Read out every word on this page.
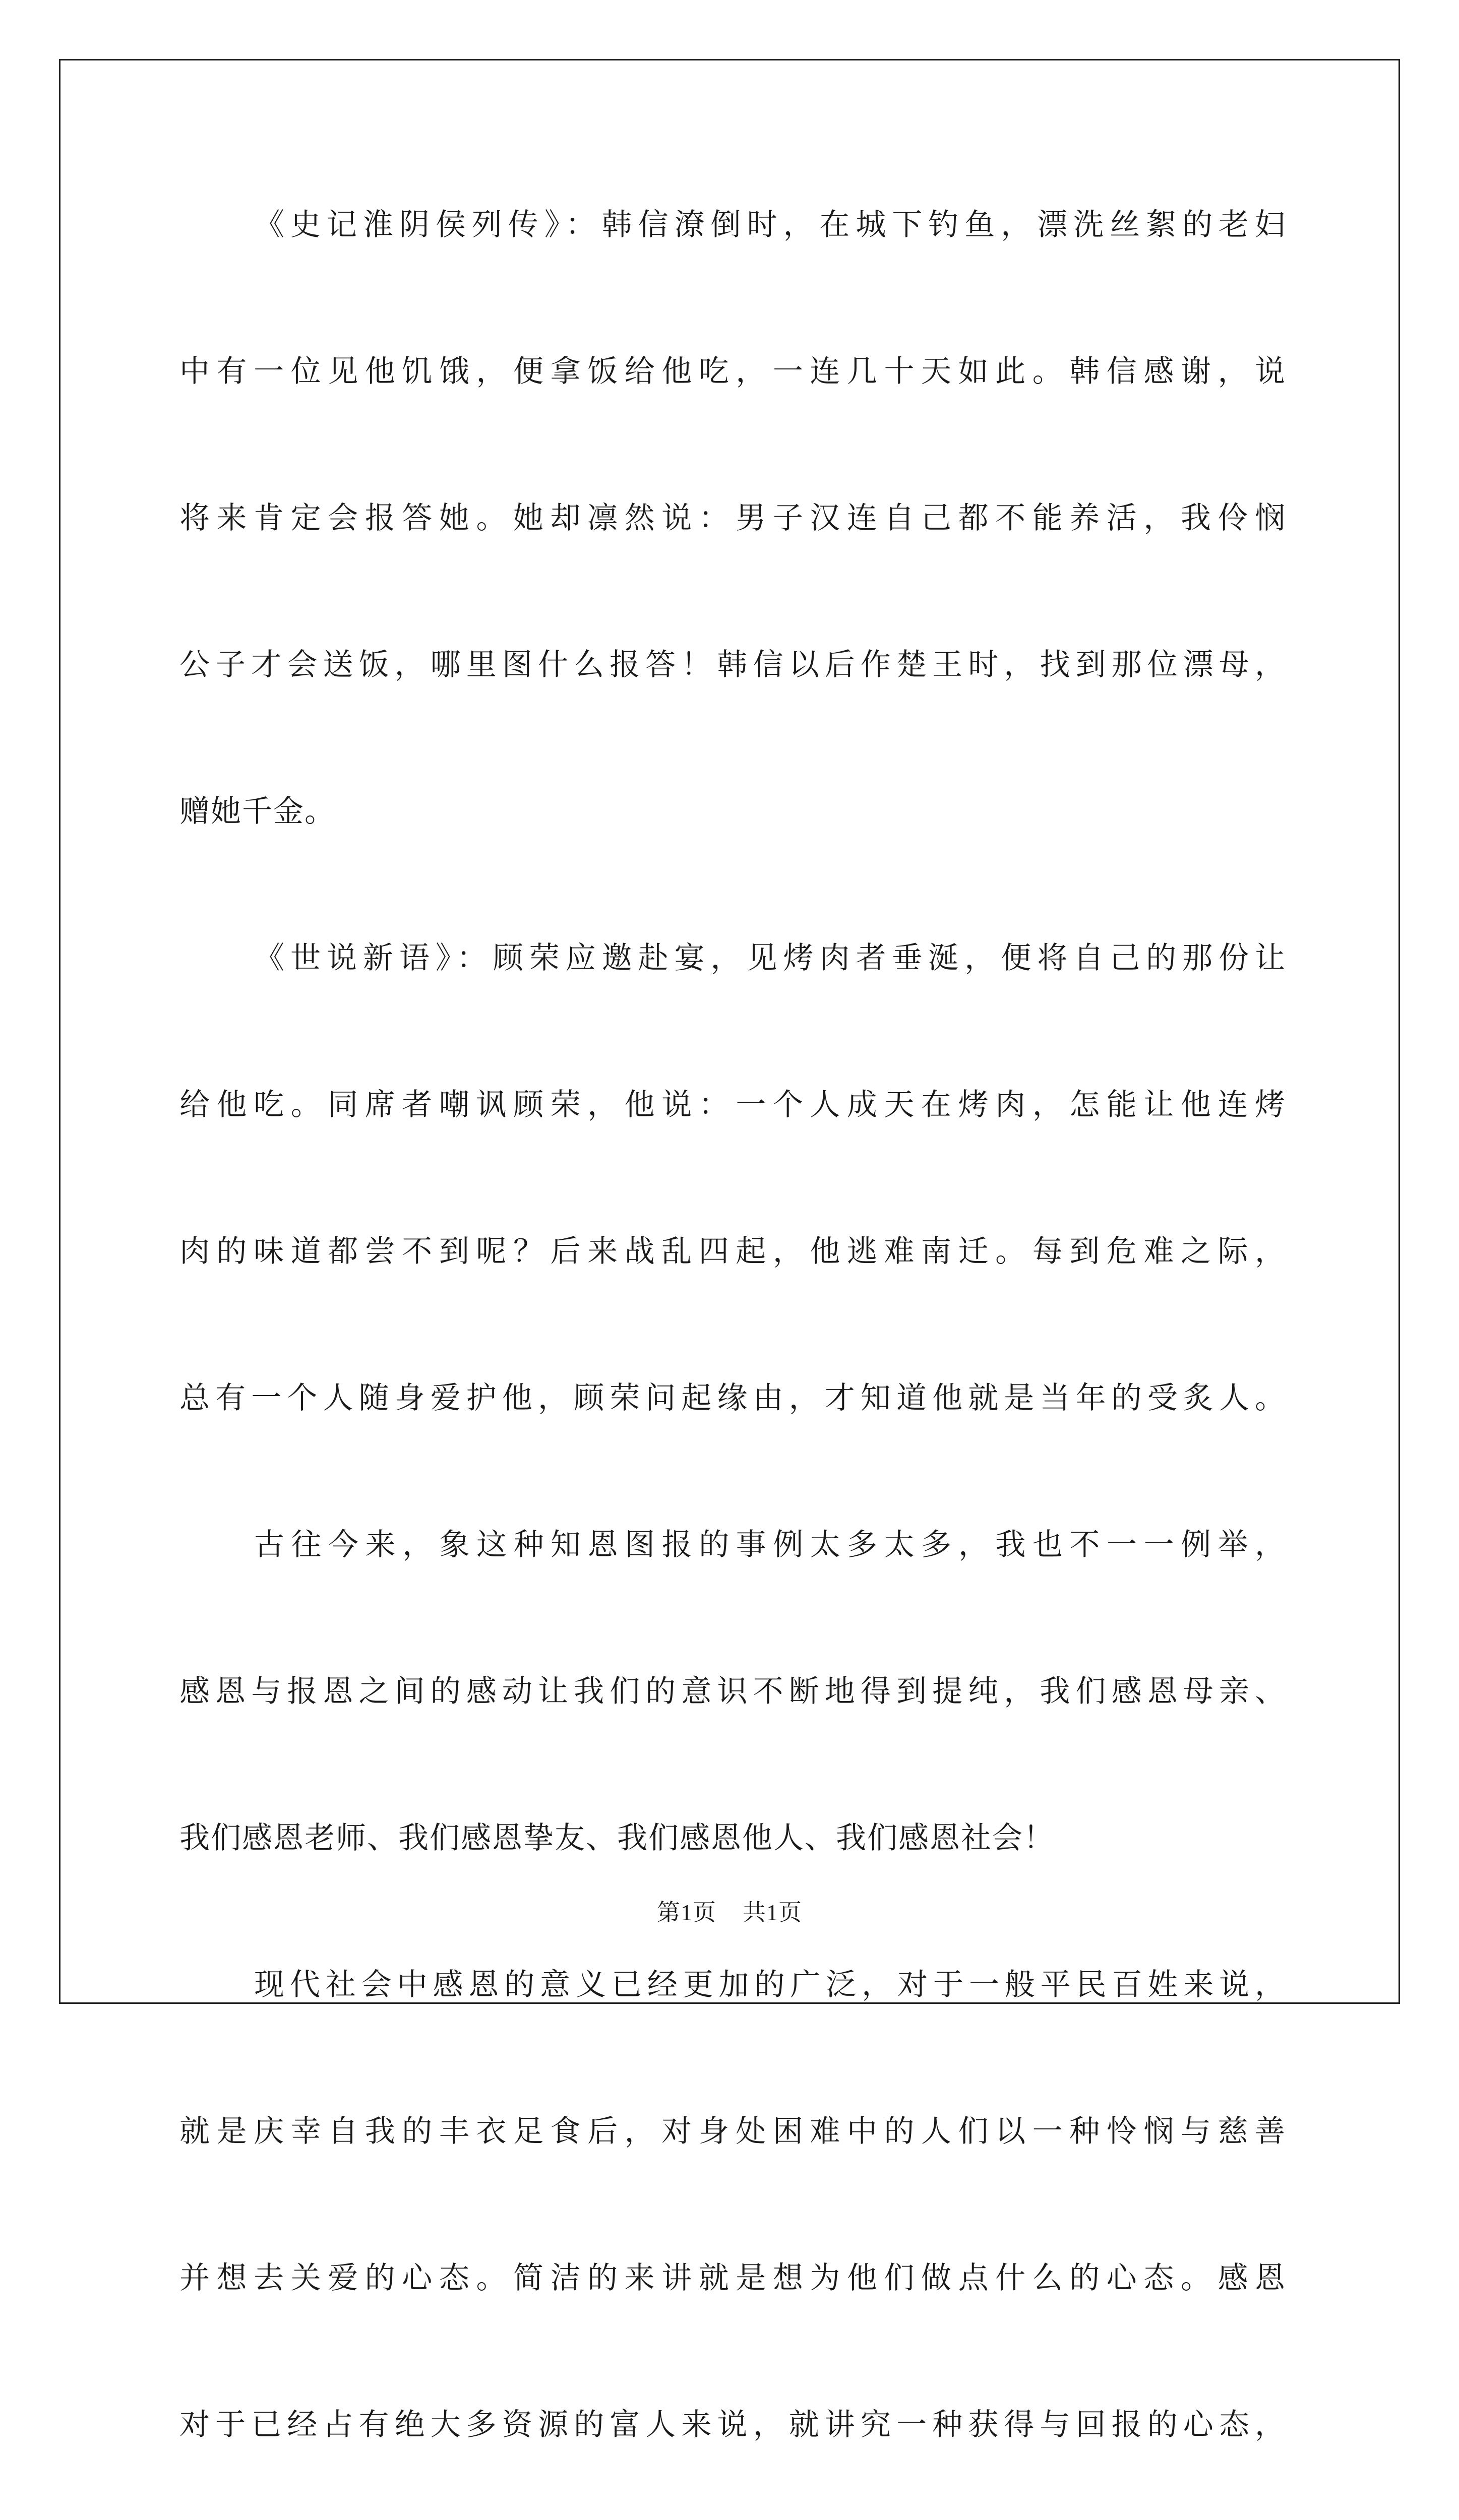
《史记淮阴侯列传》：韩信潦倒时，在城下钓鱼，漂洗丝絮的老妇
中有一位见他饥饿，便拿饭给他吃，一连几十天如此。韩信感谢，说
将来肯定会报答她。她却凛然说：男子汉连自己都不能养活，我伶悯
公子才会送饭，哪里图什么报答！韩信以后作楚王时，找到那位漂母，
赠她千金。
《世说新语》：顾荣应邀赴宴，见烤肉者垂涎，便将自己的那份让
给他吃。同席者嘲讽顾荣，他说：一个人成天在烤肉，怎能让他连烤
肉的味道都尝不到呢？后来战乱四起，他逃难南迁。每到危难之际，
总有一个人随身爱护他，顾荣问起缘由，才知道他就是当年的受炙人。
古往今来，象这种知恩图报的事例太多太多，我也不一一例举，
感恩与报恩之间的感动让我们的意识不断地得到提纯，我们感恩母亲、
我们感恩老师、我们感恩挚友、我们感恩他人、我们感恩社会！
现代社会中感恩的意义已经更加的广泛，对于一般平民百姓来说，
就是庆幸自我的丰衣足食后，对身处困难中的人们以一种怜悯与慈善
并想去关爱的心态。简洁的来讲就是想为他们做点什么的心态。感恩
对于已经占有绝大多资源的富人来说，就讲究一种获得与回报的心态，
第1页 共1页
